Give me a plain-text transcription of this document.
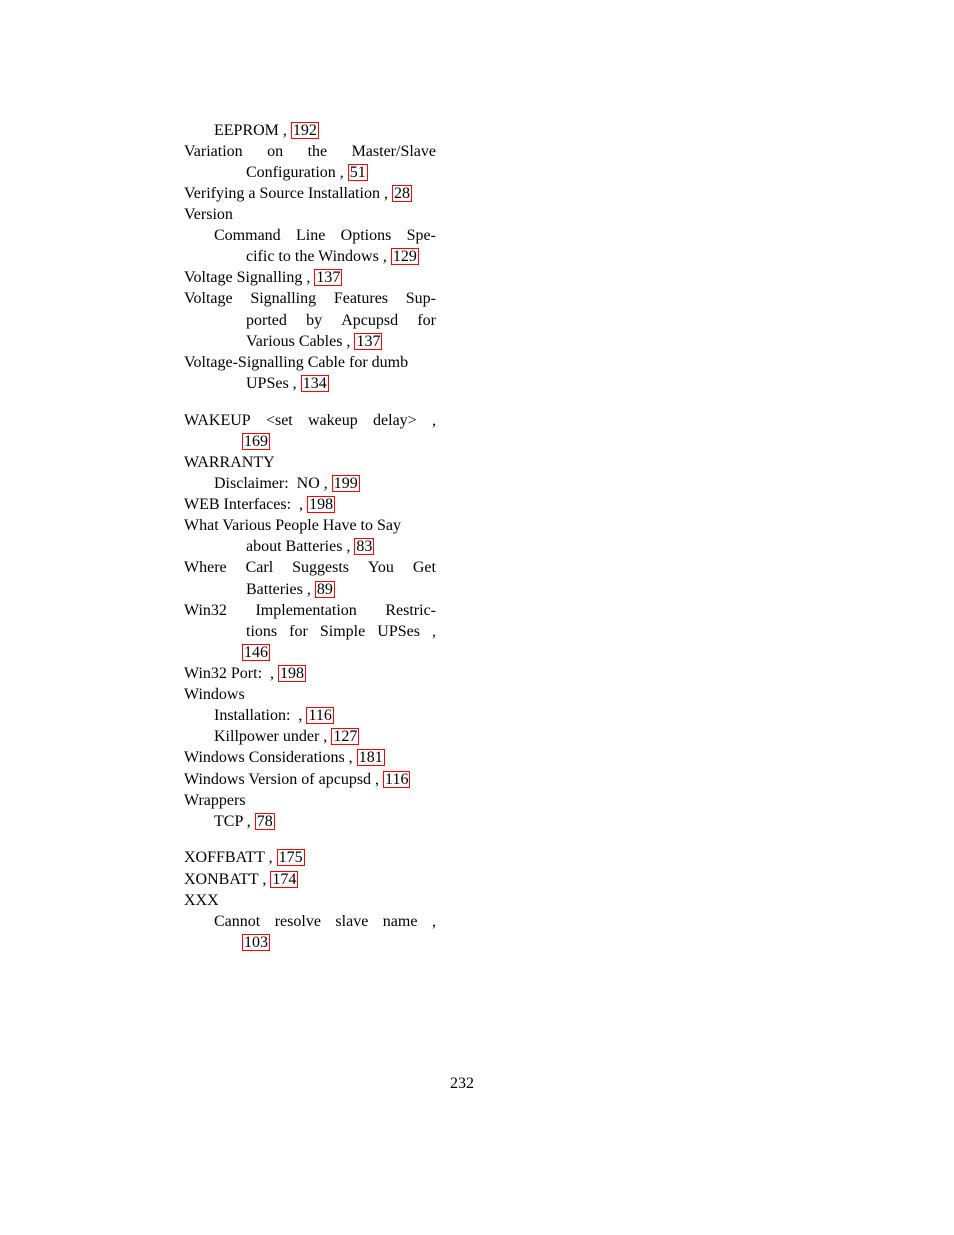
EEPROM , 192
Variation on the Master/Slave
Configuration , 51
Verifying a Source Installation , 28
Version
Command Line Options Spe-
cific to the Windows , 129
Voltage Signalling , 137
Voltage Signalling Features Sup-
ported by Apcupsd for
Various Cables , 137
Voltage-Signalling Cable for dumb
UPSes , 134
WAKEUP <set wakeup delay> ,
169
WARRANTY
Disclaimer:  NO , 199
WEB Interfaces:  , 198
What Various People Have to Say
about Batteries , 83
Where Carl Suggests You Get
Batteries , 89
Win32 Implementation Restric-
tions for Simple UPSes ,
146
Win32 Port:  , 198
Windows
Installation:  , 116
Killpower under , 127
Windows Considerations , 181
Windows Version of apcupsd , 116
Wrappers
TCP , 78
XOFFBATT , 175
XONBATT , 174
XXX
Cannot resolve slave name ,
103
232
